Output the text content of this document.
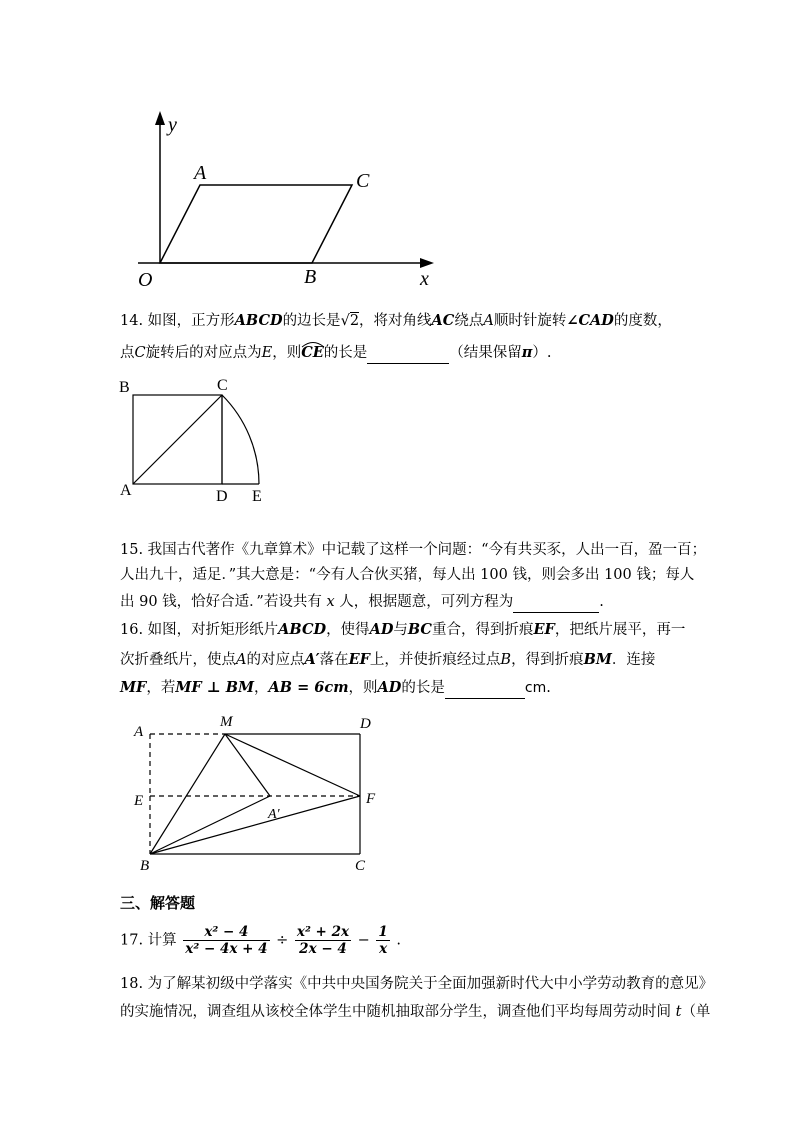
y
x
O
A	C
B
14. 如图，正方形ABCD的边长是√2，将对角线AC绕点A顺时针旋转∠CAD的度数，
点C旋转后的对应点为E，则CE
的长是	（结果保留π）.
B	C
A	D E
15. 我国古代著作《九章算术》中记载了这样一个问题：“今有共买豕，人出一百，盈一百；
人出九十，适足．”其大意是：“今有人合伙买猪，每人出 100 钱，则会多出 100 钱；每人
出 90 钱，恰好合适．”若设共有 x 人，根据题意，可列方程为	.
16. 如图，对折矩形纸片ABCD，使得AD与BC重合，得到折痕EF，把纸片展平，再一
次折叠纸片，使点A的对应点A′落在EF上，并使折痕经过点B，得到折痕BM．连接
MF，若MF ⊥ BM，AB = 6cm，则AD的长是	cm.
A
M	D
E	F
A′
B	C
三、解答题
17. 计算 $\frac{\text{x² − 4}}{\text{x² − 4x + 4}} \div \frac{\text{x² + 2x}}{2x - 4} - \frac{1}{x}$ .
18. 为了解某初级中学落实《中共中央国务院关于全面加强新时代大中小学劳动教育的意见》
的实施情况，调查组从该校全体学生中随机抽取部分学生，调查他们平均每周劳动时间 t（单
